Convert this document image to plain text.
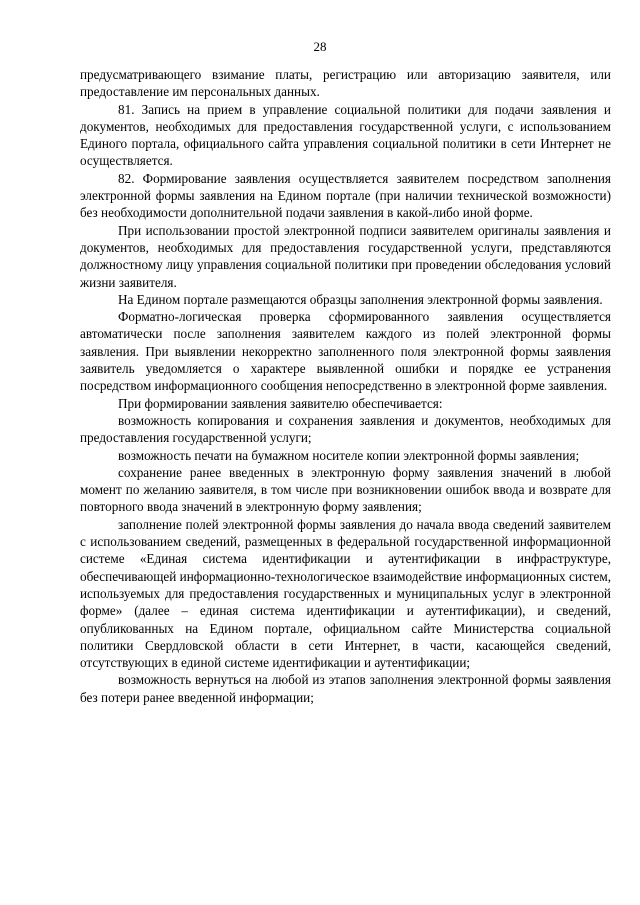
28

предусматривающего взимание платы, регистрацию или авторизацию заявителя, или предоставление им персональных данных.

81. Запись на прием в управление социальной политики для подачи заявления и документов, необходимых для предоставления государственной услуги, с использованием Единого портала, официального сайта управления социальной политики в сети Интернет не осуществляется.

82. Формирование заявления осуществляется заявителем посредством заполнения электронной формы заявления на Едином портале (при наличии технической возможности) без необходимости дополнительной подачи заявления в какой-либо иной форме.

При использовании простой электронной подписи заявителем оригиналы заявления и документов, необходимых для предоставления государственной услуги, представляются должностному лицу управления социальной политики при проведении обследования условий жизни заявителя.

На Едином портале размещаются образцы заполнения электронной формы заявления.

Форматно-логическая проверка сформированного заявления осуществляется автоматически после заполнения заявителем каждого из полей электронной формы заявления. При выявлении некорректно заполненного поля электронной формы заявления заявитель уведомляется о характере выявленной ошибки и порядке ее устранения посредством информационного сообщения непосредственно в электронной форме заявления.

При формировании заявления заявителю обеспечивается:

возможность копирования и сохранения заявления и документов, необходимых для предоставления государственной услуги;

возможность печати на бумажном носителе копии электронной формы заявления;

сохранение ранее введенных в электронную форму заявления значений в любой момент по желанию заявителя, в том числе при возникновении ошибок ввода и возврате для повторного ввода значений в электронную форму заявления;

заполнение полей электронной формы заявления до начала ввода сведений заявителем с использованием сведений, размещенных в федеральной государственной информационной системе «Единая система идентификации и аутентификации в инфраструктуре, обеспечивающей информационно-технологическое взаимодействие информационных систем, используемых для предоставления государственных и муниципальных услуг в электронной форме» (далее – единая система идентификации и аутентификации), и сведений, опубликованных на Едином портале, официальном сайте Министерства социальной политики Свердловской области в сети Интернет, в части, касающейся сведений, отсутствующих в единой системе идентификации и аутентификации;

возможность вернуться на любой из этапов заполнения электронной формы заявления без потери ранее введенной информации;
